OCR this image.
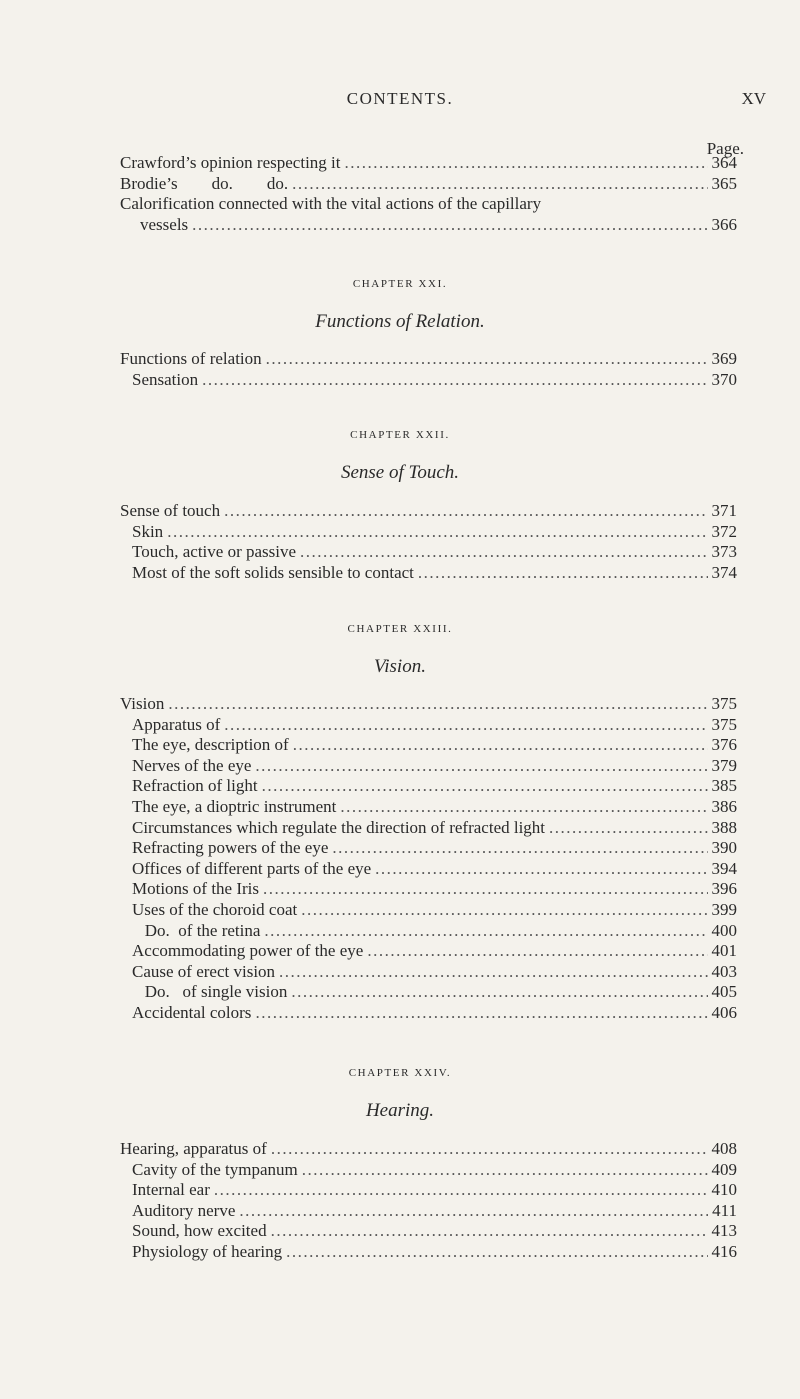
CONTENTS.	XV
Page.
Crawford’s opinion respecting it .....	364
Brodie’s        do.        do. .....	365
Calorification connected with the vital actions of the capillary
vessels .....	366
CHAPTER XXI.
Functions of Relation.
Functions of relation .....	369
Sensation .....	370
CHAPTER XXII.
Sense of Touch.
Sense of touch .....	371
Skin .....	372
Touch, active or passive .....	373
Most of the soft solids sensible to contact .....	374
CHAPTER XXIII.
Vision.
Vision .....	375
Apparatus of .....	375
The eye, description of .....	376
Nerves of the eye .....	379
Refraction of light .....	385
The eye, a dioptric instrument .....	386
Circumstances which regulate the direction of refracted light .....	388
Refracting powers of the eye .....	390
Offices of different parts of the eye .....	394
Motions of the Iris .....	396
Uses of the choroid coat .....	399
Do.  of the retina .....	400
Accommodating power of the eye .....	401
Cause of erect vision .....	403
Do.   of single vision .....	405
Accidental colors .....	406
CHAPTER XXIV.
Hearing.
Hearing, apparatus of .....	408
Cavity of the tympanum .....	409
Internal ear .....	410
Auditory nerve .....	411
Sound, how excited .....	413
Physiology of hearing .....	416
